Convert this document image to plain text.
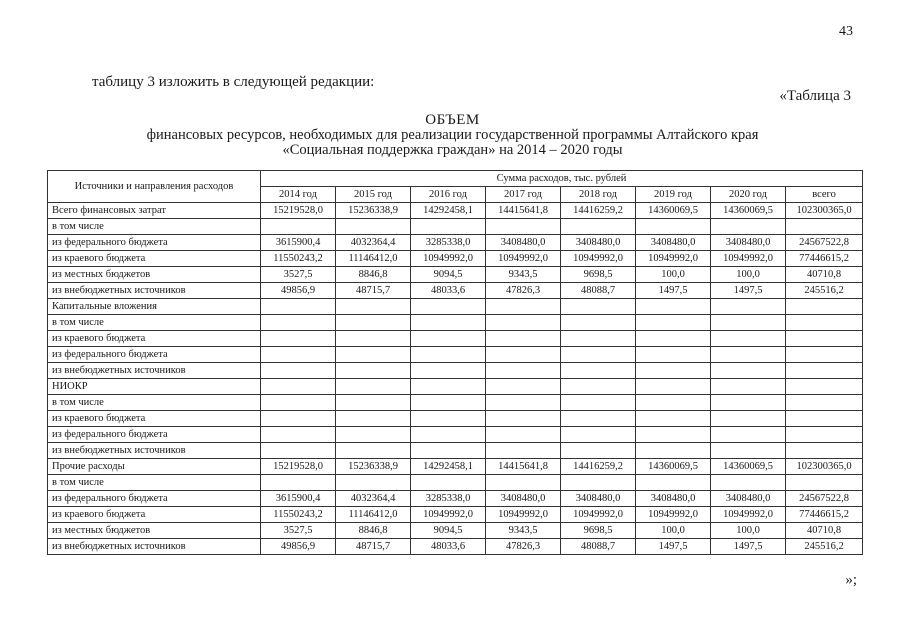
43
таблицу 3 изложить в следующей редакции:
«Таблица 3
ОБЪЕМ
финансовых ресурсов, необходимых для реализации государственной программы Алтайского края
«Социальная поддержка граждан» на 2014 – 2020 годы
Источники и направления расходов	Сумма расходов, тыс. рублей							
	2014 год	2015 год	2016 год	2017 год	2018 год	2019 год	2020 год	всего
Всего финансовых затрат	15219528,0	15236338,9	14292458,1	14415641,8	14416259,2	14360069,5	14360069,5	102300365,0
в том числе								
из федерального бюджета	3615900,4	4032364,4	3285338,0	3408480,0	3408480,0	3408480,0	3408480,0	24567522,8
из краевого бюджета	11550243,2	11146412,0	10949992,0	10949992,0	10949992,0	10949992,0	10949992,0	77446615,2
из местных бюджетов	3527,5	8846,8	9094,5	9343,5	9698,5	100,0	100,0	40710,8
из внебюджетных источников	49856,9	48715,7	48033,6	47826,3	48088,7	1497,5	1497,5	245516,2
Капитальные вложения								
в том числе								
из краевого бюджета								
из федерального бюджета								
из внебюджетных источников								
НИОКР								
в том числе								
из краевого бюджета								
из федерального бюджета								
из внебюджетных источников								
Прочие расходы	15219528,0	15236338,9	14292458,1	14415641,8	14416259,2	14360069,5	14360069,5	102300365,0
в том числе								
из федерального бюджета	3615900,4	4032364,4	3285338,0	3408480,0	3408480,0	3408480,0	3408480,0	24567522,8
из краевого бюджета	11550243,2	11146412,0	10949992,0	10949992,0	10949992,0	10949992,0	10949992,0	77446615,2
из местных бюджетов	3527,5	8846,8	9094,5	9343,5	9698,5	100,0	100,0	40710,8
из внебюджетных источников	49856,9	48715,7	48033,6	47826,3	48088,7	1497,5	1497,5	245516,2
»;
